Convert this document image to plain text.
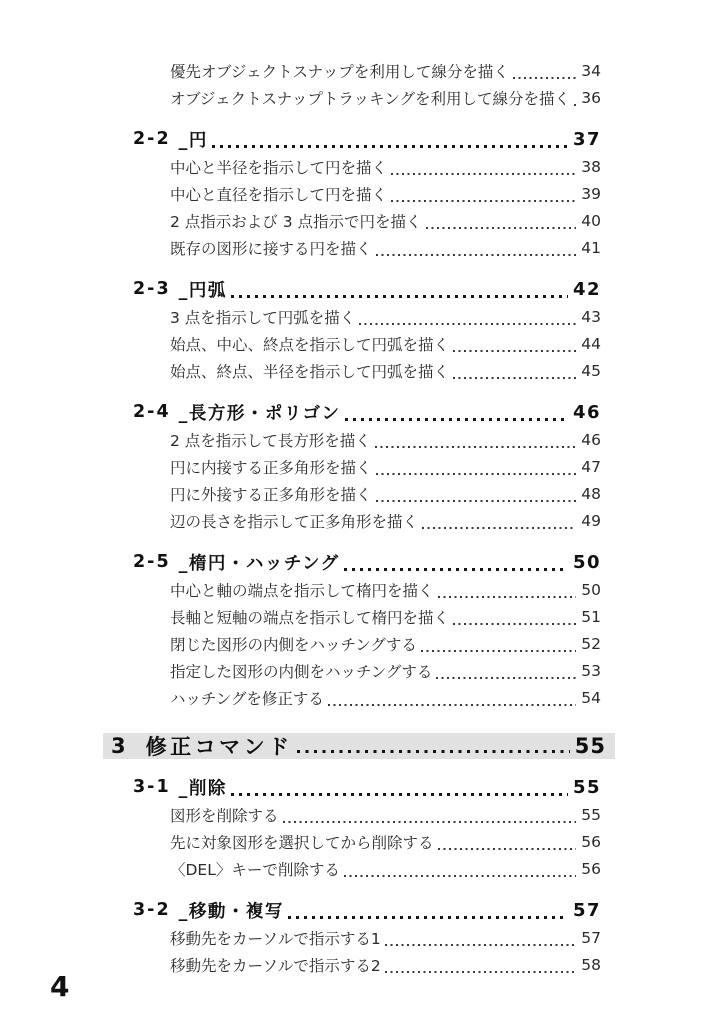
優先オブジェクトスナップを利用して線分を描く	34
オブジェクトスナップトラッキングを利用して線分を描く 36
2-2 _円	37
中心と半径を指示して円を描く	38
中心と直径を指示して円を描く	39
2 点指示および 3 点指示で円を描く	40
既存の図形に接する円を描く	41
2-3 _円弧	42
3 点を指示して円弧を描く	43
始点、中心、終点を指示して円弧を描く	44
始点、終点、半径を指示して円弧を描く	45
2-4 _長方形・ポリゴン	46
2 点を指示して長方形を描く	46
円に内接する正多角形を描く	47
円に外接する正多角形を描く	48
辺の長さを指示して正多角形を描く	49
2-5 _楕円・ハッチング	50
中心と軸の端点を指示して楕円を描く	50
長軸と短軸の端点を指示して楕円を描く	51
閉じた図形の内側をハッチングする	52
指定した図形の内側をハッチングする	53
ハッチングを修正する	54
3 修正コマンド	55
3-1 _削除	55
図形を削除する	55
先に対象図形を選択してから削除する	56
〈DEL〉キーで削除する	56
3-2 _移動・複写	57
移動先をカーソルで指示する1	57
移動先をカーソルで指示する2	58
4
